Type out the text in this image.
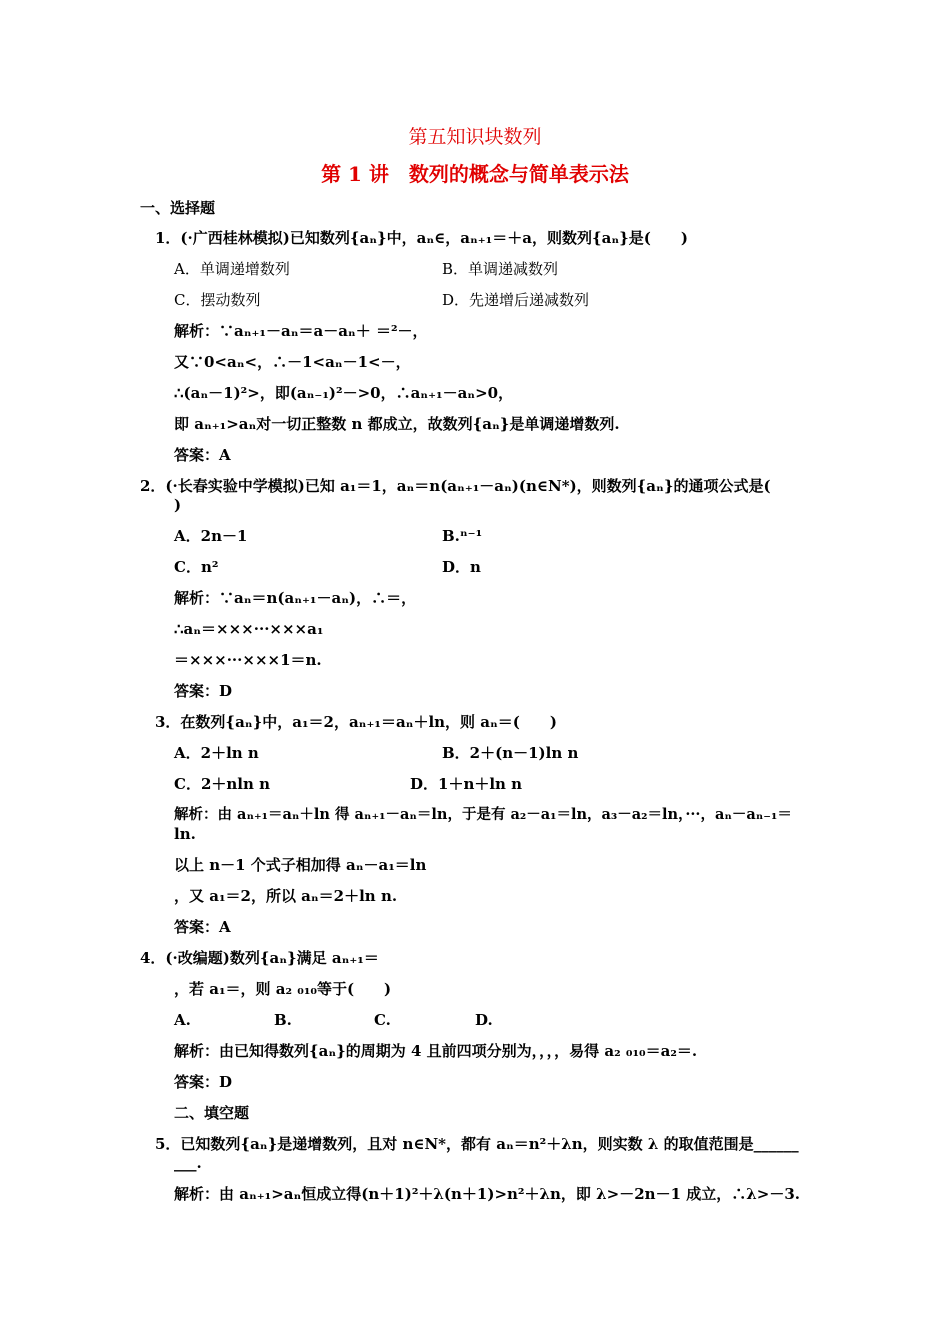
第五知识块数列
第 1 讲　数列的概念与简单表示法
一、选择题
1．(·广西桂林模拟)已知数列{aₙ}中，aₙ∈，aₙ₊₁＝＋a，则数列{aₙ}是(　　)
A．单调递增数列	B．单调递减数列
C．摆动数列	D．先递增后递减数列
解析：∵aₙ₊₁－aₙ＝a－aₙ＋ ＝²－，
又∵0<aₙ<，∴－1<aₙ－1<－，
∴(aₙ－1)²>，即(aₙ₋₁)²－>0，∴aₙ₊₁－aₙ>0，
即 aₙ₊₁>aₙ对一切正整数 n 都成立，故数列{aₙ}是单调递增数列.
答案：A
2．(·长春实验中学模拟)已知 a₁＝1，aₙ＝n(aₙ₊₁－aₙ)(n∈N*)，则数列{aₙ}的通项公式是(
)
A．2n－1	B.ⁿ⁻¹
C．n²	D．n
解析：∵aₙ＝n(aₙ₊₁－aₙ)，∴＝，
∴aₙ＝×××···×××a₁
＝×××···×××1＝n.
答案：D
3．在数列{aₙ}中，a₁＝2，aₙ₊₁＝aₙ＋ln，则 aₙ＝(　　)
A．2＋ln n	B．2＋(n－1)ln n
C．2＋nln n	D．1＋n＋ln n
解析：由 aₙ₊₁＝aₙ＋ln 得 aₙ₊₁－aₙ＝ln，于是有 a₂－a₁＝ln，a₃－a₂＝ln，···，aₙ－aₙ₋₁＝
ln.
以上 n－1 个式子相加得 aₙ－a₁＝ln
，又 a₁＝2，所以 aₙ＝2＋ln n.
答案：A
4．(·改编题)数列{aₙ}满足 aₙ₊₁＝
，若 a₁＝，则 a₂ ₀₁₀等于(　　)
A.	B.	C.	D.
解析：由已知得数列{aₙ}的周期为 4 且前四项分别为，，，，易得 a₂ ₀₁₀＝a₂＝.
答案：D
二、填空题
5．已知数列{aₙ}是递增数列，且对 n∈N*，都有 aₙ＝n²＋λn，则实数 λ 的取值范围是______
___.
解析：由 aₙ₊₁>aₙ恒成立得(n＋1)²＋λ(n＋1)>n²＋λn，即 λ>－2n－1 成立，∴λ>－3.
